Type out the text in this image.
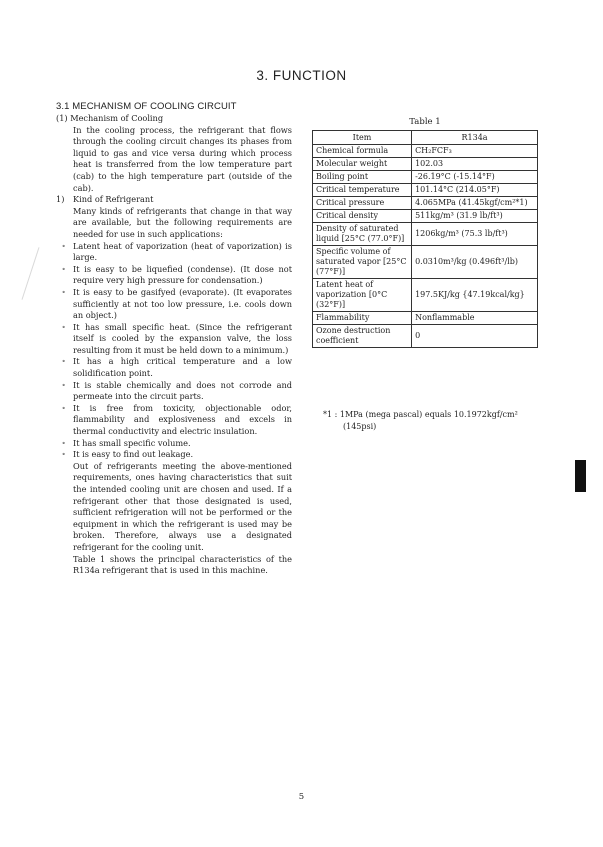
3. FUNCTION
3.1 MECHANISM OF COOLING CIRCUIT

(1) Mechanism of Cooling

In the cooling process, the refrigerant that flows through the cooling circuit changes its phases from liquid to gas and vice versa during which process heat is transferred from the low temperature part (cab) to the high temperature part (outside of the cab).

1) Kind of Refrigerant

Many kinds of refrigerants that change in that way are available, but the following requirements are needed for use in such applications:

∘ Latent heat of vaporization (heat of vaporization) is large.
∘ It is easy to be liquefied (condense). (It dose not require very high pressure for condensation.)
∘ It is easy to be gasifyed (evaporate). (It evaporates sufficiently at not too low pressure, i.e. cools down an object.)
∘ It has small specific heat. (Since the refrigerant itself is cooled by the expansion valve, the loss resulting from it must be held down to a minimum.)
∘ It has a high critical temperature and a low solidification point.
∘ It is stable chemically and does not corrode and permeate into the circuit parts.
∘ It is free from toxicity, objectionable odor, flammability and explosiveness and excels in thermal conductivity and electric insulation.
∘ It has small specific volume.
∘ It is easy to find out leakage.

Out of refrigerants meeting the above-mentioned requirements, ones having characteristics that suit the intended cooling unit are chosen and used. If a refrigerant other that those designated is used, sufficient refrigeration will not be performed or the equipment in which the refrigerant is used may be broken. Therefore, always use a designated refrigerant for the cooling unit.

Table 1 shows the principal characteristics of the R134a refrigerant that is used in this machine.

Table 1
Item	R134a
Chemical formula	CH₂FCF₃
Molecular weight	102.03
Boiling point	-26.19°C (-15.14°F)
Critical temperature	101.14°C (214.05°F)
Critical pressure	4.065MPa (41.45kgf/cm²*1)
Critical density	511kg/m³ (31.9 lb/ft³)
Density of saturated liquid [25°C (77.0°F)]	1206kg/m³ (75.3 lb/ft³)
Specific volume of saturated vapor [25°C (77°F)]	0.0310m³/kg (0.496ft³/lb)
Latent heat of vaporization [0°C (32°F)]	197.5KJ/kg {47.19kcal/kg}
Flammability	Nonflammable
Ozone destruction coefficient	0
*1 : 1MPa (mega pascal) equals 10.1972kgf/cm²
(145psi)
5
